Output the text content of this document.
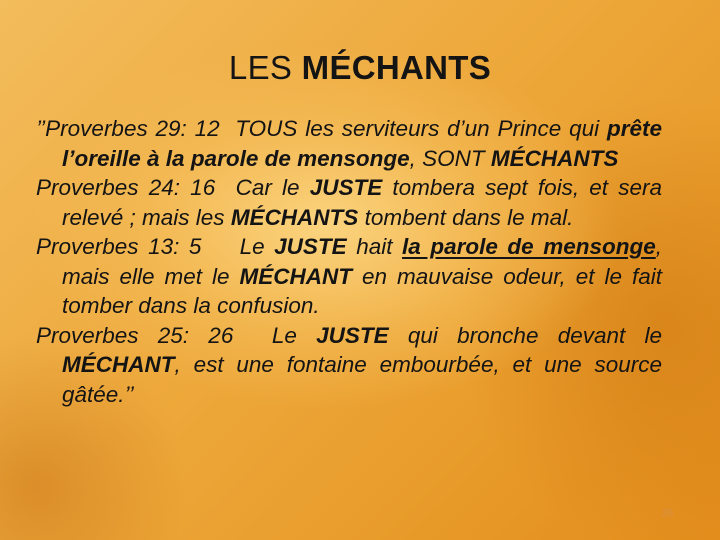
LES MÉCHANTS

’’Proverbes 29: 12 TOUS les serviteurs d’un Prince qui prête l’oreille à la parole de mensonge, SONT MÉCHANTS

Proverbes 24: 16 Car le JUSTE tombera sept fois, et sera relevé ; mais les MÉCHANTS tombent dans le mal.

Proverbes 13: 5 Le JUSTE hait la parole de mensonge, mais elle met le MÉCHANT en mauvaise odeur, et le fait tomber dans la confusion.

Proverbes 25: 26 Le JUSTE qui bronche devant le MÉCHANT, est une fontaine embourbée, et une source gâtée.’’

26
